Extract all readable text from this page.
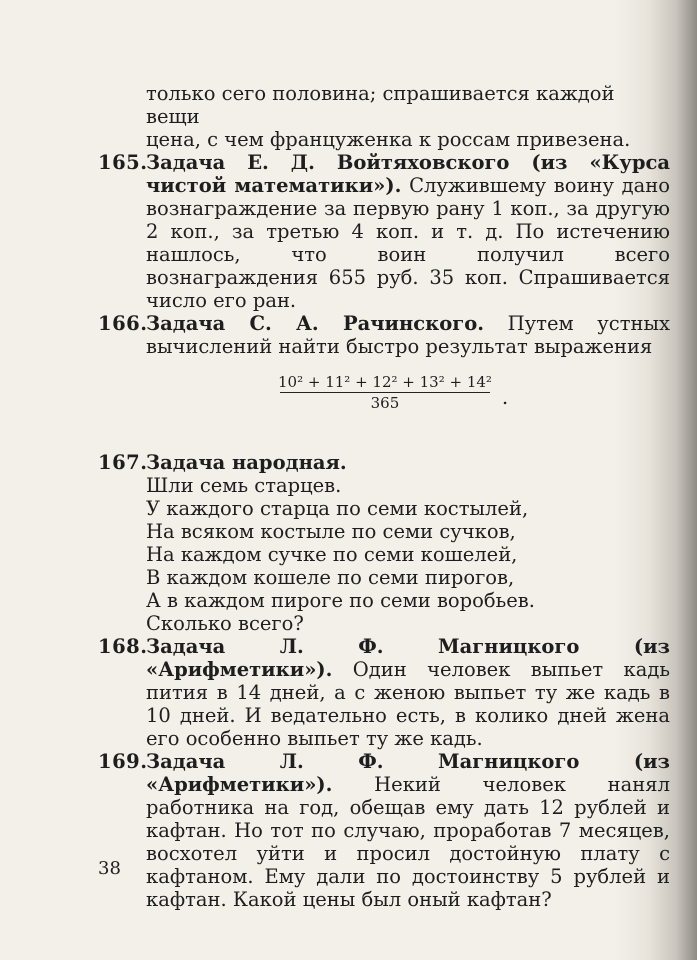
только сего половина; спрашивается каждой вещи

цена, с чем француженка к россам привезена.

165.
Задача Е. Д. Войтяховского (из «Курса чистой математики»). Служившему воину дано вознаграждение за первую рану 1 коп., за другую 2 коп., за третью 4 коп. и т. д. По истечению нашлось, что воин получил всего вознаграждения 655 руб. 35 коп. Спрашивается число его ран.
166.
Задача С. А. Рачинского. Путем устных вычислений найти быстро результат выражения
$\frac{\text{10² + 11² + 12² + 13² + 14²}}{365}$ .
167.

Задача народная.

Шли семь старцев.

У каждого старца по семи костылей,

На всяком костыле по семи сучков,

На каждом сучке по семи кошелей,

В каждом кошеле по семи пирогов,

А в каждом пироге по семи воробьев.

Сколько всего?

168.
Задача Л. Ф. Магницкого (из «Арифметики»). Один человек выпьет кадь пития в 14 дней, а с женою выпьет ту же кадь в 10 дней. И ведательно есть, в колико дней жена его особенно выпьет ту же кадь.
169.
Задача Л. Ф. Магницкого (из «Арифметики»). Некий человек нанял работника на год, обещав ему дать 12 рублей и кафтан. Но тот по случаю, проработав 7 месяцев, восхотел уйти и просил достойную плату с кафтаном. Ему дали по достоинству 5 рублей и кафтан. Какой цены был оный кафтан?
38
